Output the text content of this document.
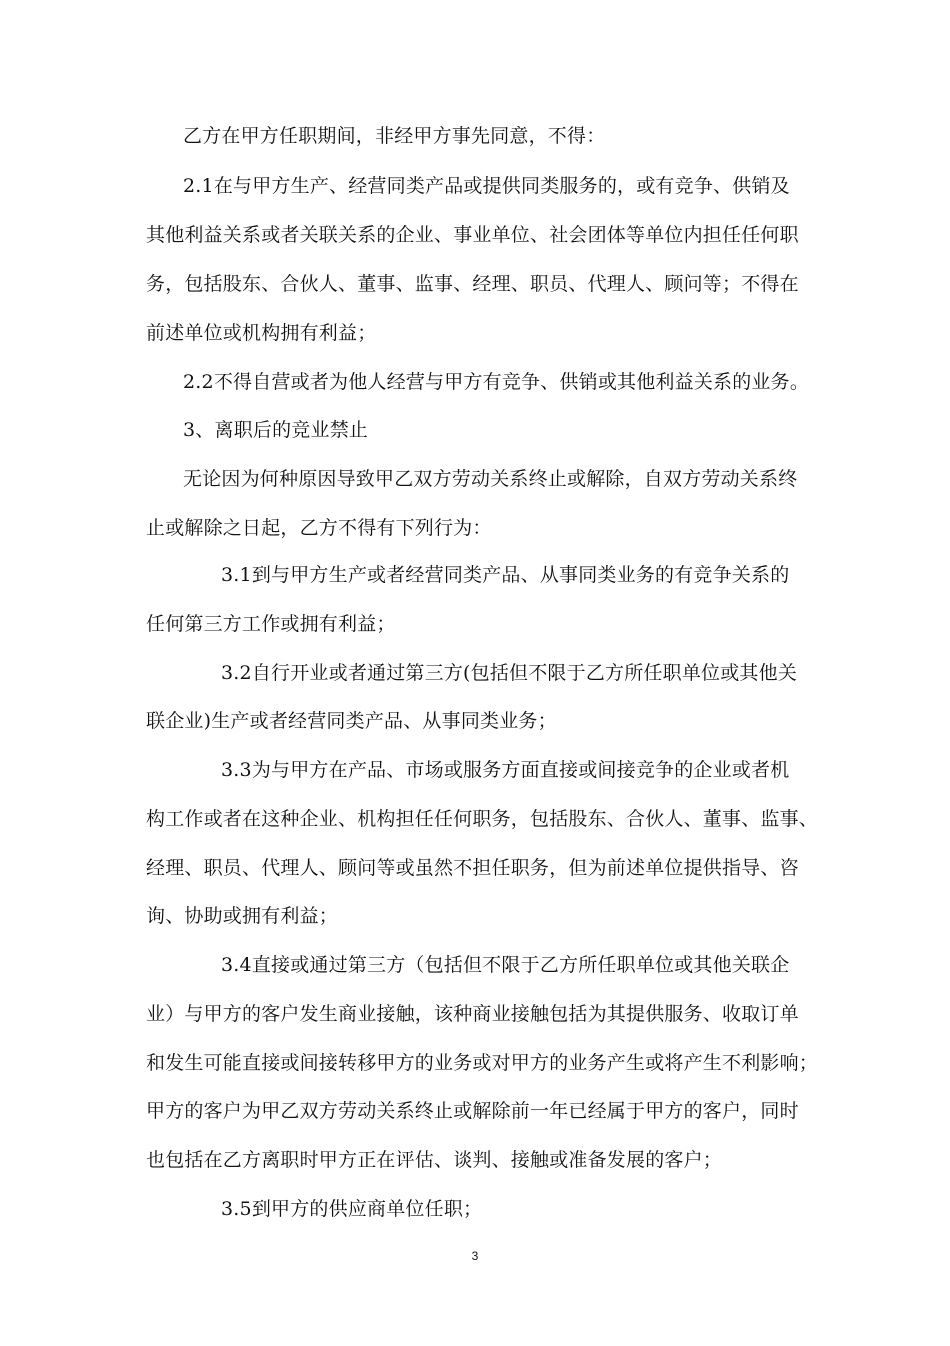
乙方在甲方任职期间，非经甲方事先同意，不得：
2.1在与甲方生产、经营同类产品或提供同类服务的，或有竞争、供销及
其他利益关系或者关联关系的企业、事业单位、社会团体等单位内担任任何职
务，包括股东、合伙人、董事、监事、经理、职员、代理人、顾问等；不得在
前述单位或机构拥有利益；
2.2不得自营或者为他人经营与甲方有竞争、供销或其他利益关系的业务。
3、离职后的竞业禁止
无论因为何种原因导致甲乙双方劳动关系终止或解除，自双方劳动关系终
止或解除之日起，乙方不得有下列行为：
3.1到与甲方生产或者经营同类产品、从事同类业务的有竞争关系的
任何第三方工作或拥有利益；
3.2自行开业或者通过第三方(包括但不限于乙方所任职单位或其他关
联企业)生产或者经营同类产品、从事同类业务；
3.3为与甲方在产品、市场或服务方面直接或间接竞争的企业或者机
构工作或者在这种企业、机构担任任何职务，包括股东、合伙人、董事、监事、
经理、职员、代理人、顾问等或虽然不担任职务，但为前述单位提供指导、咨
询、协助或拥有利益；
3.4直接或通过第三方（包括但不限于乙方所任职单位或其他关联企
业）与甲方的客户发生商业接触，该种商业接触包括为其提供服务、收取订单
和发生可能直接或间接转移甲方的业务或对甲方的业务产生或将产生不利影响；
甲方的客户为甲乙双方劳动关系终止或解除前一年已经属于甲方的客户，同时
也包括在乙方离职时甲方正在评估、谈判、接触或准备发展的客户；
3.5到甲方的供应商单位任职；
3
